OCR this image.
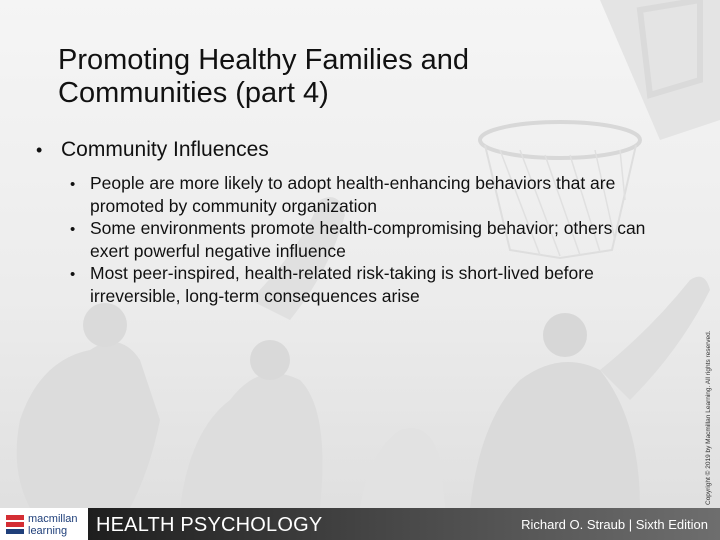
Promoting Healthy Families and
Communities (part 4)
• Community Influences
• People are more likely to adopt health-enhancing behaviors that are promoted by community organization
• Some environments promote health-compromising behavior; others can exert powerful negative influence
• Most peer-inspired, health-related risk-taking is short-lived before irreversible, long-term consequences arise
Copyright © 2019 by Macmillan Learning. All rights reserved.
macmillan
learning	HEALTH PSYCHOLOGY	Richard O. Straub | Sixth Edition
